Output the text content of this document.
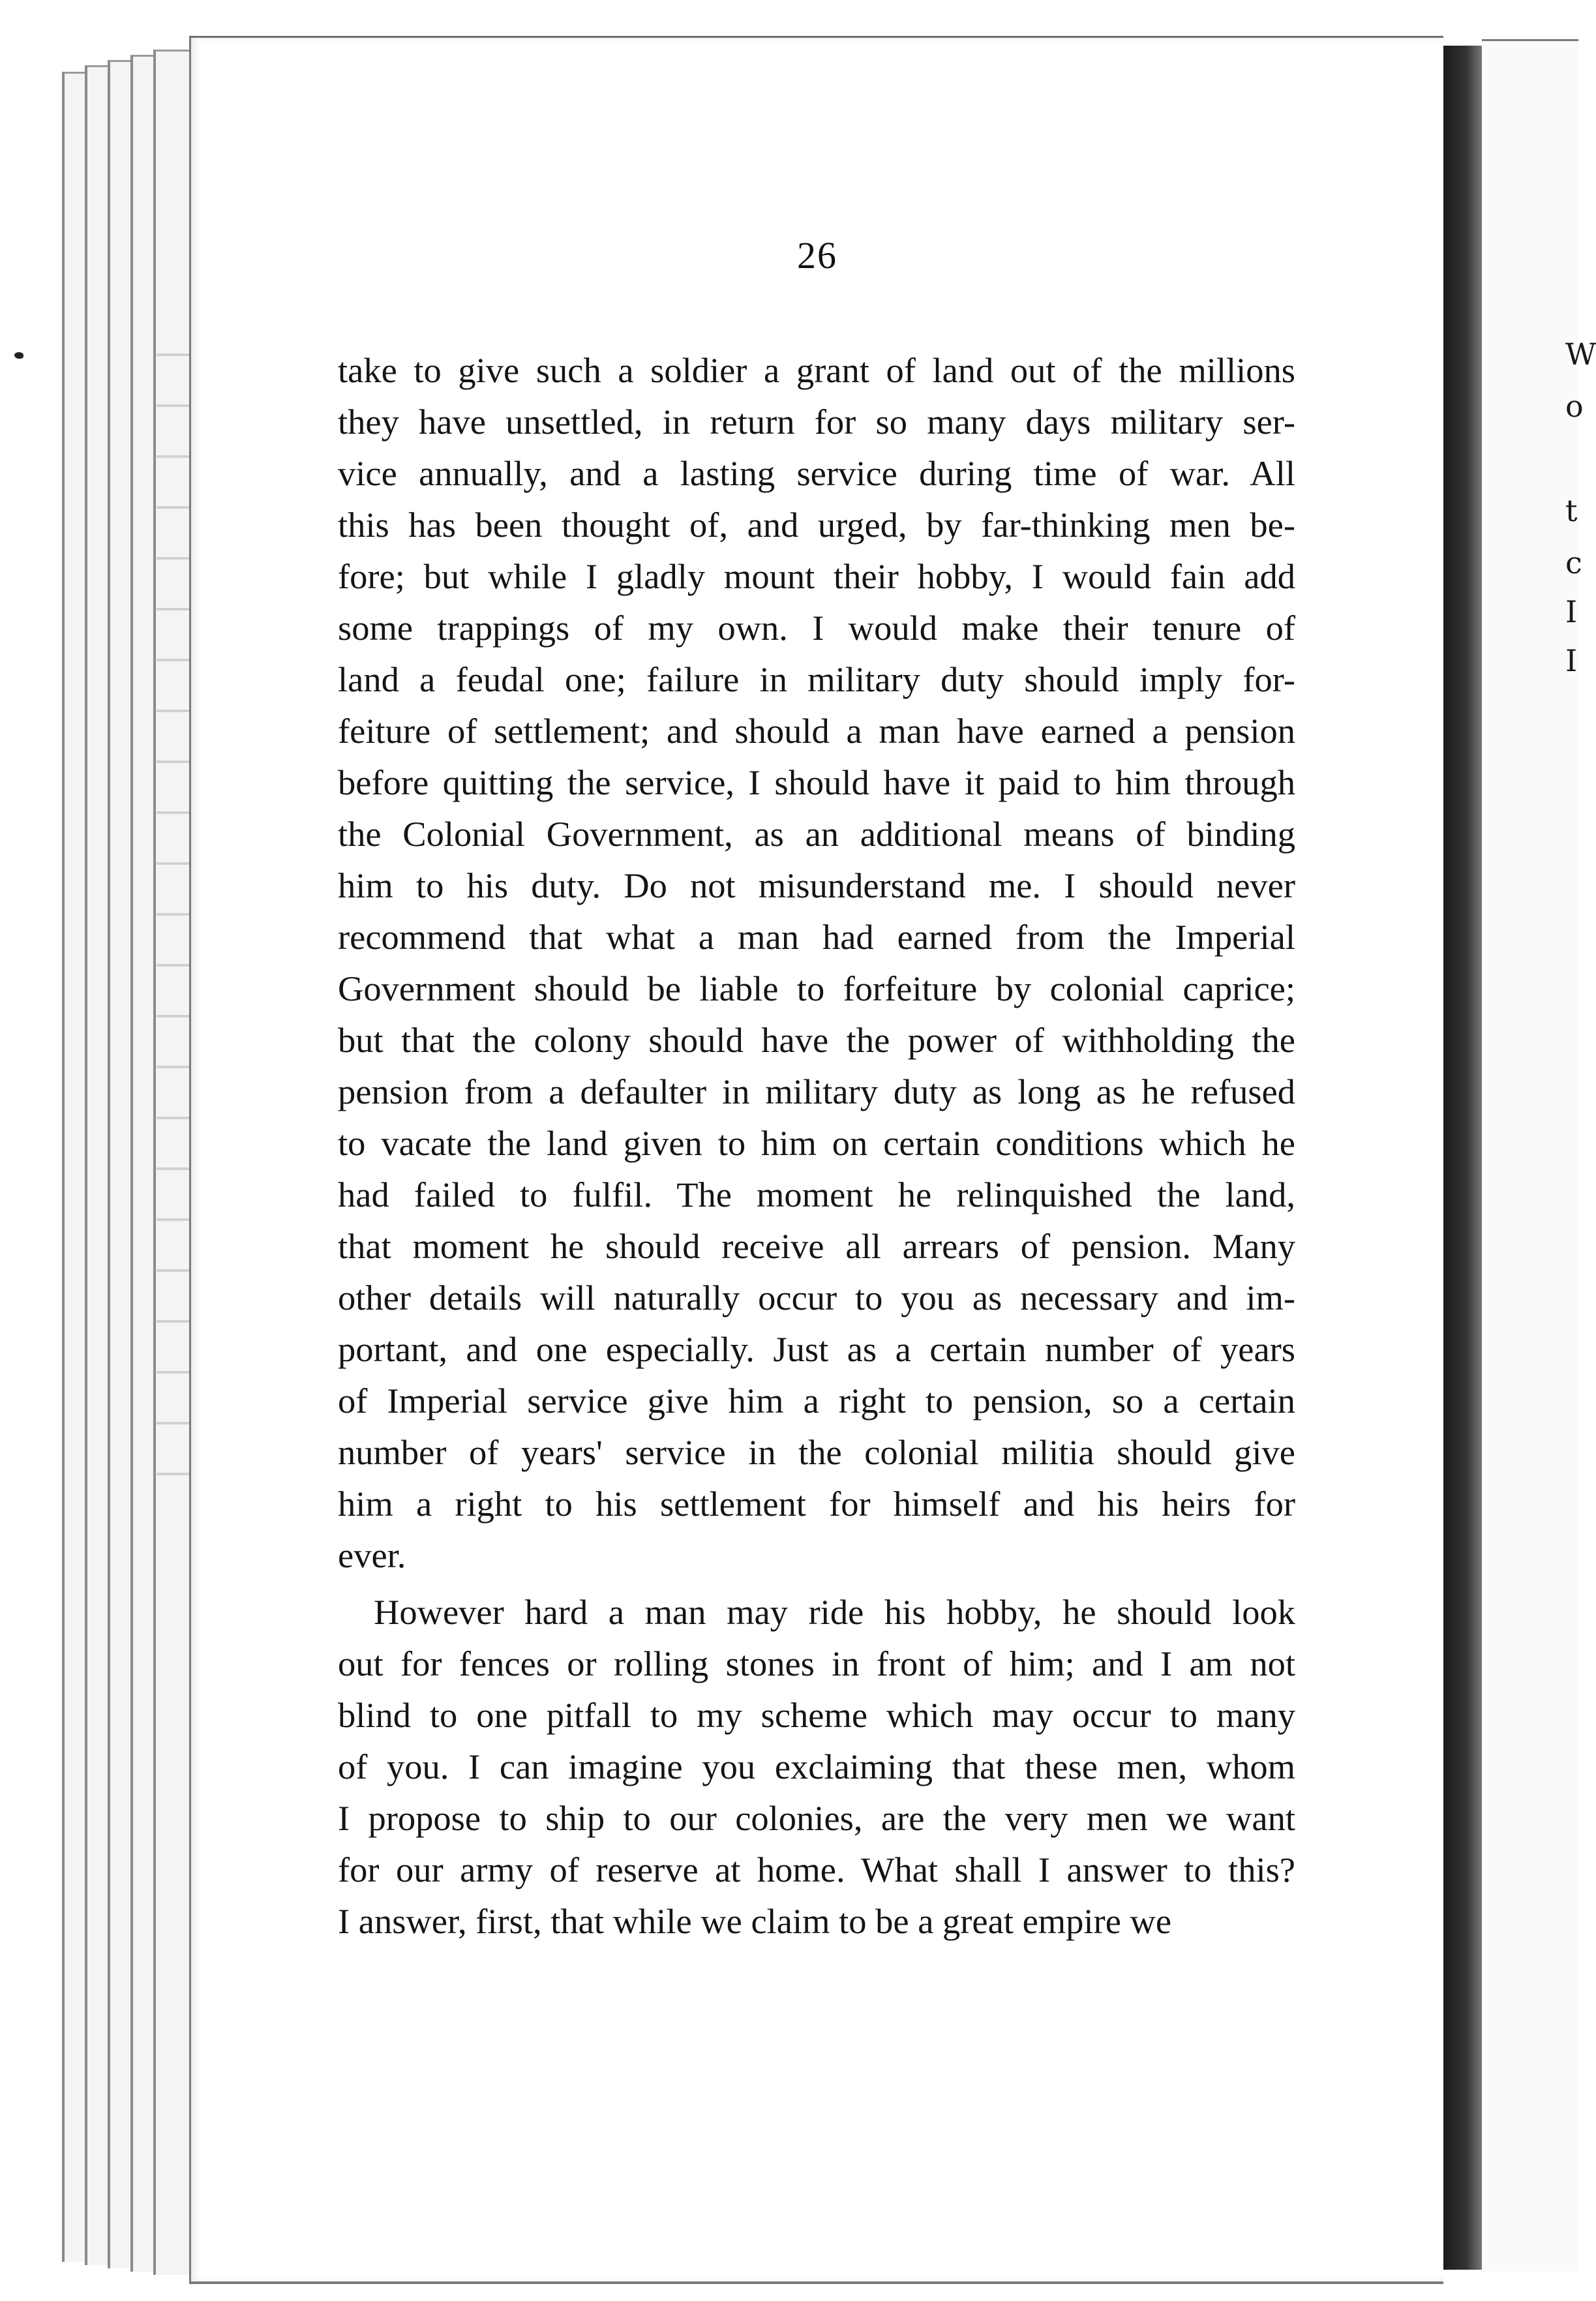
W
o
t
c
I
I
26
take to give such a soldier a grant of land out of the millions
they have unsettled, in return for so many days military ser-
vice annually, and a lasting service during time of war. All
this has been thought of, and urged, by far-thinking men be-
fore; but while I gladly mount their hobby, I would fain add
some trappings of my own. I would make their tenure of
land a feudal one; failure in military duty should imply for-
feiture of settlement; and should a man have earned a pension
before quitting the service, I should have it paid to him through
the Colonial Government, as an additional means of binding
him to his duty. Do not misunderstand me. I should never
recommend that what a man had earned from the Imperial
Government should be liable to forfeiture by colonial caprice;
but that the colony should have the power of withholding the
pension from a defaulter in military duty as long as he refused
to vacate the land given to him on certain conditions which he
had failed to fulfil. The moment he relinquished the land,
that moment he should receive all arrears of pension. Many
other details will naturally occur to you as necessary and im-
portant, and one especially. Just as a certain number of years
of Imperial service give him a right to pension, so a certain
number of years' service in the colonial militia should give
him a right to his settlement for himself and his heirs for
ever.
However hard a man may ride his hobby, he should look
out for fences or rolling stones in front of him; and I am not
blind to one pitfall to my scheme which may occur to many
of you. I can imagine you exclaiming that these men, whom
I propose to ship to our colonies, are the very men we want
for our army of reserve at home. What shall I answer to this?
I answer, first, that while we claim to be a great empire we
